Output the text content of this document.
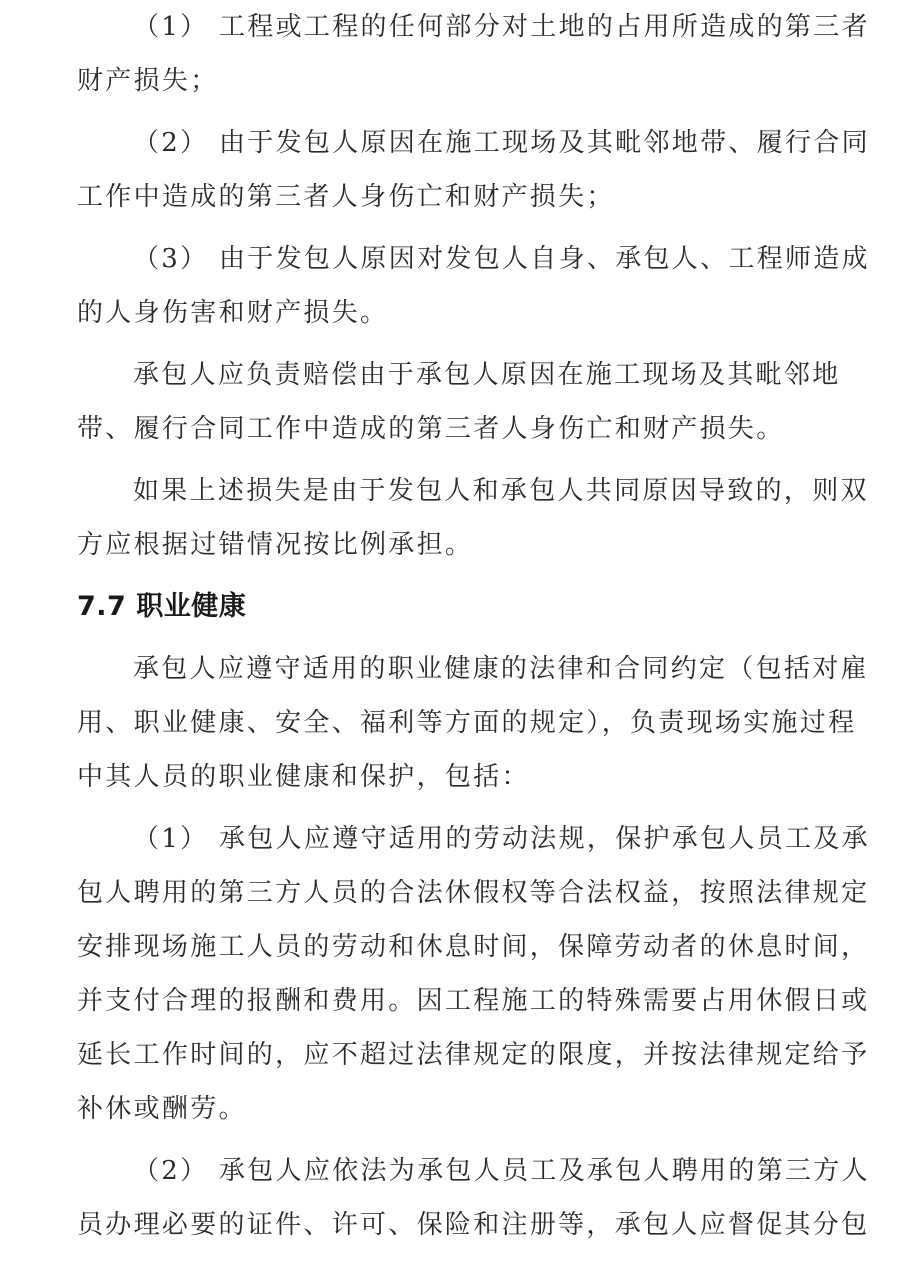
（1） 工程或工程的任何部分对土地的占用所造成的第三者
财产损失；

（2） 由于发包人原因在施工现场及其毗邻地带、履行合同
工作中造成的第三者人身伤亡和财产损失；

（3） 由于发包人原因对发包人自身、承包人、工程师造成
的人身伤害和财产损失。

承包人应负责赔偿由于承包人原因在施工现场及其毗邻地
带、履行合同工作中造成的第三者人身伤亡和财产损失。

如果上述损失是由于发包人和承包人共同原因导致的，则双
方应根据过错情况按比例承担。

7.7 职业健康

承包人应遵守适用的职业健康的法律和合同约定（包括对雇
用、职业健康、安全、福利等方面的规定），负责现场实施过程
中其人员的职业健康和保护，包括：

（1） 承包人应遵守适用的劳动法规，保护承包人员工及承
包人聘用的第三方人员的合法休假权等合法权益，按照法律规定
安排现场施工人员的劳动和休息时间，保障劳动者的休息时间，
并支付合理的报酬和费用。因工程施工的特殊需要占用休假日或
延长工作时间的，应不超过法律规定的限度，并按法律规定给予
补休或酬劳。

（2） 承包人应依法为承包人员工及承包人聘用的第三方人
员办理必要的证件、许可、保险和注册等，承包人应督促其分包
